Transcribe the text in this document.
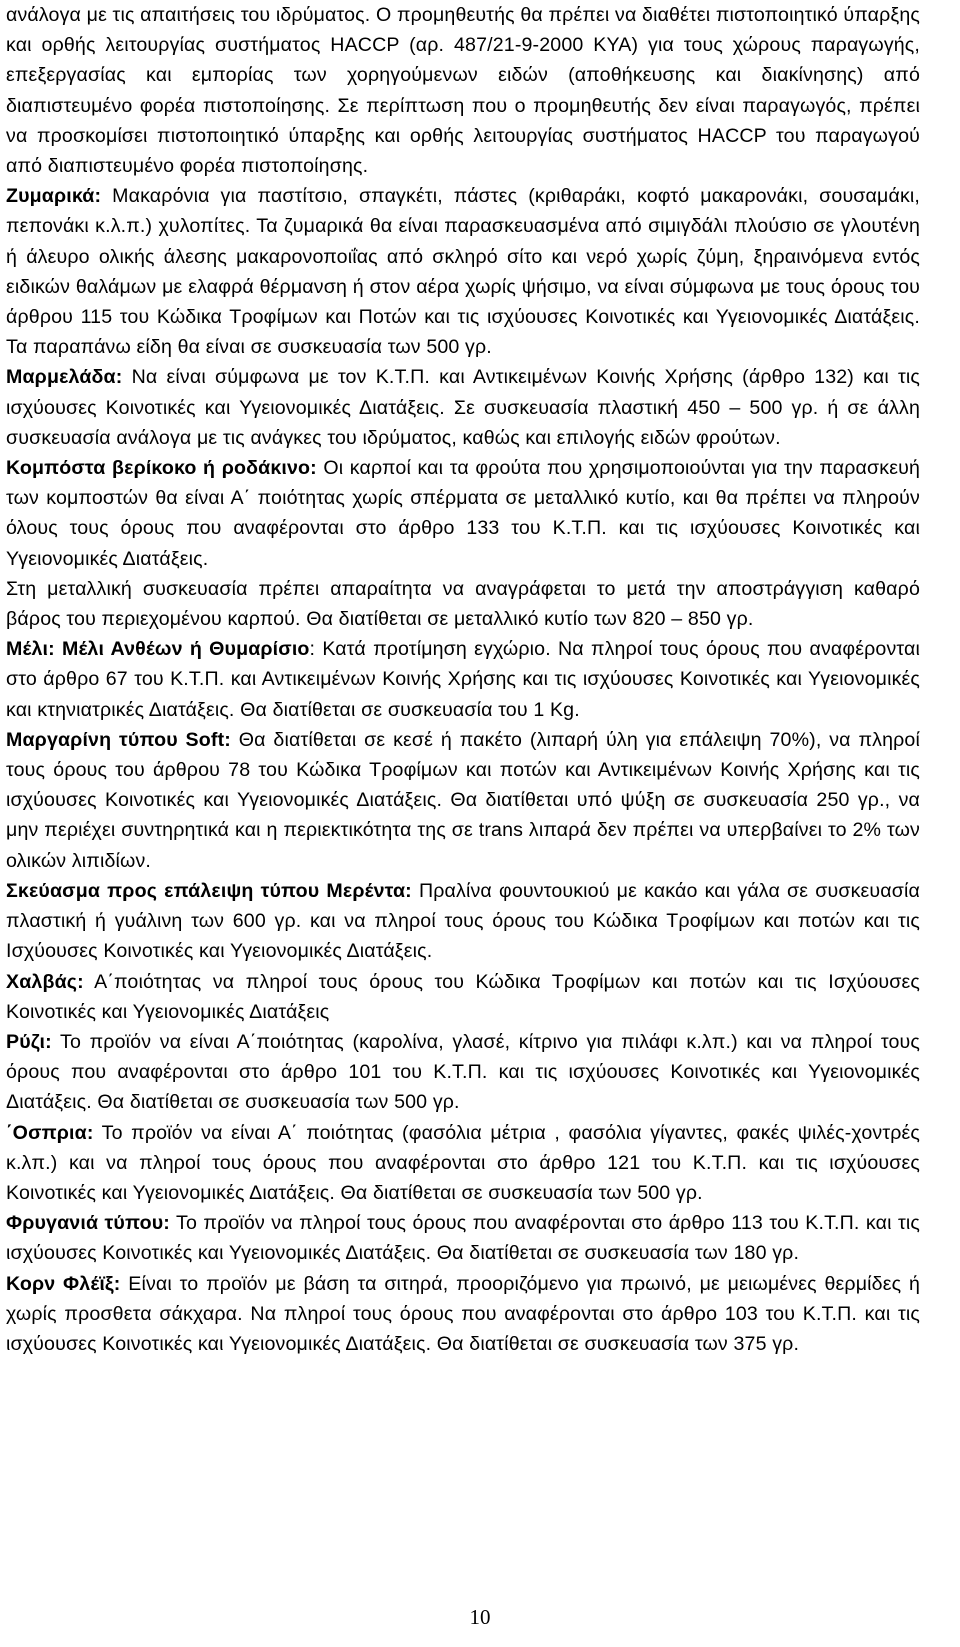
ανάλογα με τις απαιτήσεις του ιδρύματος. Ο προμηθευτής θα πρέπει να διαθέτει πιστοποιητικό ύπαρξης και ορθής λειτουργίας συστήματος HACCP (αρ. 487/21-9-2000 ΚΥΑ) για τους χώρους παραγωγής, επεξεργασίας και εμπορίας των χορηγούμενων ειδών (αποθήκευσης και διακίνησης) από διαπιστευμένο φορέα πιστοποίησης. Σε περίπτωση που ο προμηθευτής δεν είναι παραγωγός, πρέπει να προσκομίσει πιστοποιητικό ύπαρξης και ορθής λειτουργίας συστήματος HACCP του παραγωγού από διαπιστευμένο φορέα πιστοποίησης.

Ζυμαρικά: Μακαρόνια για παστίτσιο, σπαγκέτι, πάστες (κριθαράκι, κοφτό μακαρονάκι, σουσαμάκι, πεπονάκι κ.λ.π.) χυλοπίτες. Τα ζυμαρικά θα είναι παρασκευασμένα από σιμιγδάλι πλούσιο σε γλουτένη ή άλευρο ολικής άλεσης μακαρονοποιΐας από σκληρό σίτο και νερό χωρίς ζύμη, ξηραινόμενα εντός ειδικών θαλάμων με ελαφρά θέρμανση ή στον αέρα χωρίς ψήσιμο, να είναι σύμφωνα με τους όρους του άρθρου 115 του Κώδικα Τροφίμων και Ποτών και τις ισχύουσες Κοινοτικές και Υγειονομικές Διατάξεις. Τα παραπάνω είδη θα είναι σε συσκευασία των 500 γρ.

Μαρμελάδα: Να είναι σύμφωνα με τον Κ.Τ.Π. και Αντικειμένων Κοινής Χρήσης (άρθρο 132) και τις ισχύουσες Κοινοτικές και Υγειονομικές Διατάξεις. Σε συσκευασία πλαστική 450 – 500 γρ. ή σε άλλη συσκευασία ανάλογα με τις ανάγκες του ιδρύματος, καθώς και επιλογής ειδών φρούτων.

Κομπόστα βερίκοκο ή ροδάκινο: Οι καρποί και τα φρούτα που χρησιμοποιούνται για την παρασκευή των κομποστών θα είναι Α΄ ποιότητας χωρίς σπέρματα σε μεταλλικό κυτίο, και θα πρέπει να πληρούν όλους τους όρους που αναφέρονται στο άρθρο 133 του Κ.Τ.Π. και τις ισχύουσες Κοινοτικές και Υγειονομικές Διατάξεις.

Στη μεταλλική συσκευασία πρέπει απαραίτητα να αναγράφεται το μετά την αποστράγγιση καθαρό βάρος του περιεχομένου καρπού. Θα διατίθεται σε μεταλλικό κυτίο των 820 – 850 γρ.

Μέλι: Μέλι Ανθέων ή Θυμαρίσιο: Κατά προτίμηση εγχώριο. Να πληροί τους όρους που αναφέρονται στο άρθρο 67 του Κ.Τ.Π. και Αντικειμένων Κοινής Χρήσης και τις ισχύουσες Κοινοτικές και Υγειονομικές και κτηνιατρικές Διατάξεις. Θα διατίθεται σε συσκευασία του 1 Kg.

Μαργαρίνη τύπου Soft: Θα διατίθεται σε κεσέ ή πακέτο (λιπαρή ύλη για επάλειψη 70%), να πληροί τους όρους του άρθρου 78 του Κώδικα Τροφίμων και ποτών και Αντικειμένων Κοινής Χρήσης και τις ισχύουσες Κοινοτικές και Υγειονομικές Διατάξεις. Θα διατίθεται υπό ψύξη σε συσκευασία 250 γρ., να μην περιέχει συντηρητικά και η περιεκτικότητα της σε trans λιπαρά δεν πρέπει να υπερβαίνει το 2% των ολικών λιπιδίων.

Σκεύασμα προς επάλειψη τύπου Μερέντα: Πραλίνα φουντουκιού με κακάο και γάλα σε συσκευασία πλαστική ή γυάλινη των 600 γρ. και να πληροί τους όρους του Κώδικα Τροφίμων και ποτών και τις Ισχύουσες Κοινοτικές και Υγειονομικές Διατάξεις.

Χαλβάς: Α΄ποιότητας να πληροί τους όρους του Κώδικα Τροφίμων και ποτών και τις Ισχύουσες Κοινοτικές και Υγειονομικές Διατάξεις

Ρύζι: Το προϊόν να είναι Α΄ποιότητας (καρολίνα, γλασέ, κίτρινο για πιλάφι κ.λπ.) και να πληροί τους όρους που αναφέρονται στο άρθρο 101 του Κ.Τ.Π. και τις ισχύουσες Κοινοτικές και Υγειονομικές Διατάξεις. Θα διατίθεται σε συσκευασία των 500 γρ.

΄Οσπρια: Το προϊόν να είναι Α΄ ποιότητας (φασόλια μέτρια , φασόλια γίγαντες, φακές ψιλές-χοντρές κ.λπ.) και να πληροί τους όρους που αναφέρονται στο άρθρο 121 του Κ.Τ.Π. και τις ισχύουσες Κοινοτικές και Υγειονομικές Διατάξεις. Θα διατίθεται σε συσκευασία των 500 γρ.

Φρυγανιά τύπου: Το προϊόν να πληροί τους όρους που αναφέρονται στο άρθρο 113 του Κ.Τ.Π. και τις ισχύουσες Κοινοτικές και Υγειονομικές Διατάξεις. Θα διατίθεται σε συσκευασία των 180 γρ.

Κορν Φλέϊξ: Είναι το προϊόν με βάση τα σιτηρά, προοριζόμενο για πρωινό, με μειωμένες θερμίδες ή χωρίς προσθετα σάκχαρα. Να πληροί τους όρους που αναφέρονται στο άρθρο 103 του Κ.Τ.Π. και τις ισχύουσες Κοινοτικές και Υγειονομικές Διατάξεις. Θα διατίθεται σε συσκευασία των 375 γρ.

10
